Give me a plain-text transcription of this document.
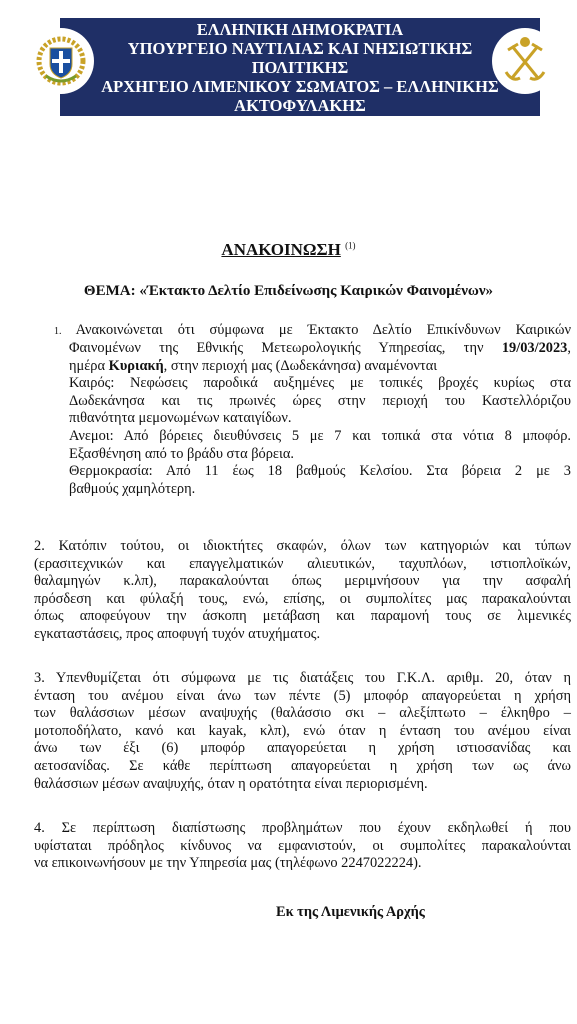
ΕΛΛΗΝΙΚΗ ΔΗΜΟΚΡΑΤΙΑ
ΥΠΟΥΡΓΕΙΟ ΝΑΥΤΙΛΙΑΣ ΚΑΙ ΝΗΣΙΩΤΙΚΗΣ
ΠΟΛΙΤΙΚΗΣ
ΑΡΧΗΓΕΙΟ ΛΙΜΕΝΙΚΟΥ ΣΩΜΑΤΟΣ – ΕΛΛΗΝΙΚΗΣ
ΑΚΤΟΦΥΛΑΚΗΣ
ΑΝΑΚΟΙΝΩΣΗ $^{(1)}$
ΘΕΜΑ: «Έκτακτο Δελτίο Επιδείνωσης Καιρικών Φαινομένων»
1. Ανακοινώνεται ότι σύμφωνα με Έκτακτο Δελτίο Επικίνδυνων Καιρικών
Φαινομένων της Εθνικής Μετεωρολογικής Υπηρεσίας, την 19/03/2023,
ημέρα Κυριακή, στην περιοχή μας (Δωδεκάνησα) αναμένονται
Καιρός: Νεφώσεις παροδικά αυξημένες με τοπικές βροχές κυρίως στα
Δωδεκάνησα και τις πρωινές ώρες στην περιοχή του Καστελλόριζου
πιθανότητα μεμονωμένων καταιγίδων.
Ανεμοι: Από βόρειες διευθύνσεις 5 με 7 και τοπικά στα νότια 8 μποφόρ.
Εξασθένηση από το βράδυ στα βόρεια.
Θερμοκρασία: Από 11 έως 18 βαθμούς Κελσίου. Στα βόρεια 2 με 3
βαθμούς χαμηλότερη.
2. Κατόπιν τούτου, οι ιδιοκτήτες σκαφών, όλων των κατηγοριών και τύπων
(ερασιτεχνικών και επαγγελματικών αλιευτικών, ταχυπλόων, ιστιοπλοϊκών,
θαλαμηγών κ.λπ), παρακαλούνται όπως μεριμνήσουν για την ασφαλή
πρόσδεση και φύλαξή τους, ενώ, επίσης, οι συμπολίτες μας παρακαλούνται
όπως αποφεύγουν την άσκοπη μετάβαση και παραμονή τους σε λιμενικές
εγκαταστάσεις, προς αποφυγή τυχόν ατυχήματος.
3. Υπενθυμίζεται ότι σύμφωνα με τις διατάξεις του Γ.Κ.Λ. αριθμ. 20, όταν η
ένταση του ανέμου είναι άνω των πέντε (5) μποφόρ απαγορεύεται η χρήση
των θαλάσσιων μέσων αναψυχής (θαλάσσιο σκι – αλεξίπτωτο – έλκηθρο –
μοτοποδήλατο, κανό και kayak, κλπ), ενώ όταν η ένταση του ανέμου είναι
άνω των έξι (6) μποφόρ απαγορεύεται η χρήση ιστιοσανίδας και
αετοσανίδας. Σε κάθε περίπτωση απαγορεύεται η χρήση των ως άνω
θαλάσσιων μέσων αναψυχής, όταν η ορατότητα είναι περιορισμένη.
4. Σε περίπτωση διαπίστωσης προβλημάτων που έχουν εκδηλωθεί ή που
υφίσταται πρόδηλος κίνδυνος να εμφανιστούν, οι συμπολίτες παρακαλούνται
να επικοινωνήσουν με την Υπηρεσία μας (τηλέφωνο 2247022224).
Εκ της Λιμενικής Αρχής
